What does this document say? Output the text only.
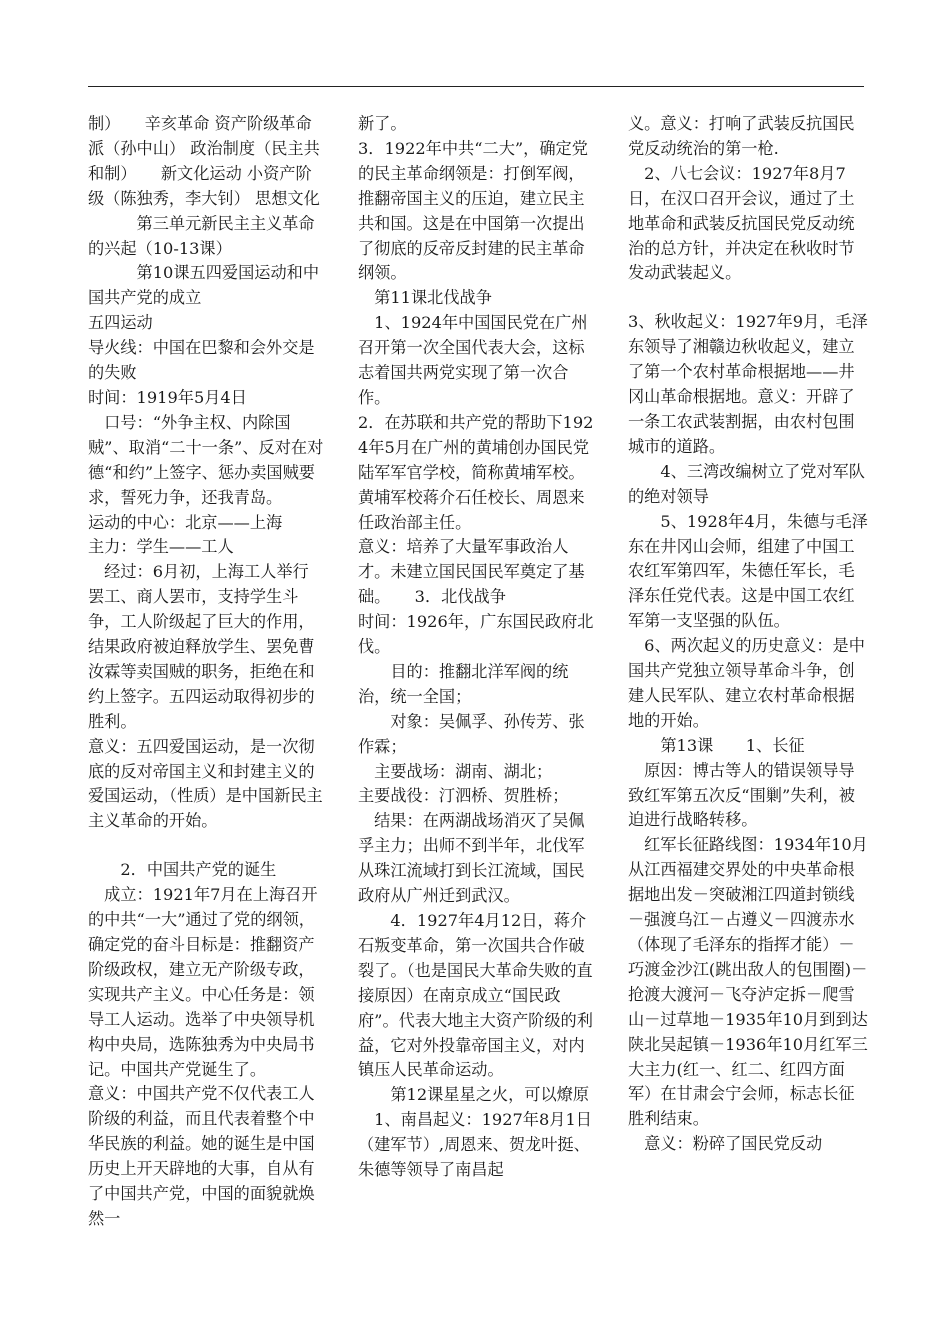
制）　　辛亥革命 资产阶级革命派（孙中山） 政治制度（民主共和制）　　新文化运动 小资产阶级（陈独秀，李大钊） 思想文化

　　　第三单元新民主主义革命的兴起（10-13课）

　　　第10课五四爱国运动和中国共产党的成立

五四运动

导火线：中国在巴黎和会外交是的失败

时间：1919年5月4日

　口号：“外争主权、内除国贼”、取消“二十一条”、反对在对德“和约”上签字、惩办卖国贼要求，誓死力争，还我青岛。

运动的中心：北京——上海

主力：学生——工人

　经过：6月初，上海工人举行罢工、商人罢市，支持学生斗争，工人阶级起了巨大的作用，结果政府被迫释放学生、罢免曹汝霖等卖国贼的职务，拒绝在和约上签字。五四运动取得初步的胜利。

意义：五四爱国运动，是一次彻底的反对帝国主义和封建主义的爱国运动，（性质）是中国新民主主义革命的开始。

　　2．中国共产党的诞生

　成立：1921年7月在上海召开的中共“一大”通过了党的纲领，确定党的奋斗目标是：推翻资产阶级政权，建立无产阶级专政，实现共产主义。中心任务是：领导工人运动。选举了中央领导机构中央局，选陈独秀为中央局书记。中国共产党诞生了。

意义：中国共产党不仅代表工人阶级的利益，而且代表着整个中华民族的利益。她的诞生是中国历史上开天辟地的大事，自从有了中国共产党，中国的面貌就焕然一

新了。

3．1922年中共“二大”，确定党的民主革命纲领是：打倒军阀，推翻帝国主义的压迫，建立民主共和国。这是在中国第一次提出了彻底的反帝反封建的民主革命纲领。

　第11课北伐战争

　1、1924年中国国民党在广州召开第一次全国代表大会，这标志着国共两党实现了第一次合作。

2．在苏联和共产党的帮助下1924年5月在广州的黄埔创办国民党陆军军官学校，简称黄埔军校。黄埔军校蒋介石任校长、周恩来任政治部主任。

意义：培养了大量军事政治人才。未建立国民国民军奠定了基础。　　3．北伐战争

时间：1926年，广东国民政府北伐。

　　目的：推翻北洋军阀的统治，统一全国；

　　对象：吴佩孚、孙传芳、张作霖；

　主要战场：湖南、湖北；

主要战役：汀泗桥、贺胜桥；

　结果：在两湖战场消灭了吴佩孚主力；出师不到半年，北伐军从珠江流域打到长江流域，国民政府从广州迁到武汉。

　　4．1927年4月12日，蒋介石叛变革命，第一次国共合作破裂了。（也是国民大革命失败的直接原因）在南京成立“国民政府”。代表大地主大资产阶级的利益，它对外投靠帝国主义，对内镇压人民革命运动。

　　第12课星星之火，可以燎原

　1、南昌起义：1927年8月1日（建军节）,周恩来、贺龙叶挺、朱德等领导了南昌起

义。意义：打响了武装反抗国民党反动统治的第一枪.

　2、八七会议：1927年8月7日，在汉口召开会议，通过了土地革命和武装反抗国民党反动统治的总方针，并决定在秋收时节发动武装起义。

3、秋收起义：1927年9月，毛泽东领导了湘赣边秋收起义，建立了第一个农村革命根据地——井冈山革命根据地。意义：开辟了一条工农武装割据，由农村包围城市的道路。

　　4、三湾改编树立了党对军队的绝对领导

　　5、1928年4月，朱德与毛泽东在井冈山会师，组建了中国工农红军第四军，朱德任军长，毛泽东任党代表。这是中国工农红军第一支坚强的队伍。

　6、两次起义的历史意义：是中国共产党独立领导革命斗争，创建人民军队、建立农村革命根据地的开始。

　　第13课　　1、长征

　原因：博古等人的错误领导导致红军第五次反“围剿”失利，被迫进行战略转移。

　红军长征路线图：1934年10月从江西福建交界处的中央革命根据地出发－突破湘江四道封锁线－强渡乌江－占遵义－四渡赤水（体现了毛泽东的指挥才能）－巧渡金沙江(跳出敌人的包围圈)－抢渡大渡河－飞夺泸定拆－爬雪山－过草地－1935年10月到到达陕北吴起镇－1936年10月红军三大主力(红一、红二、红四方面军）在甘肃会宁会师，标志长征胜利结束。

　意义：粉碎了国民党反动
